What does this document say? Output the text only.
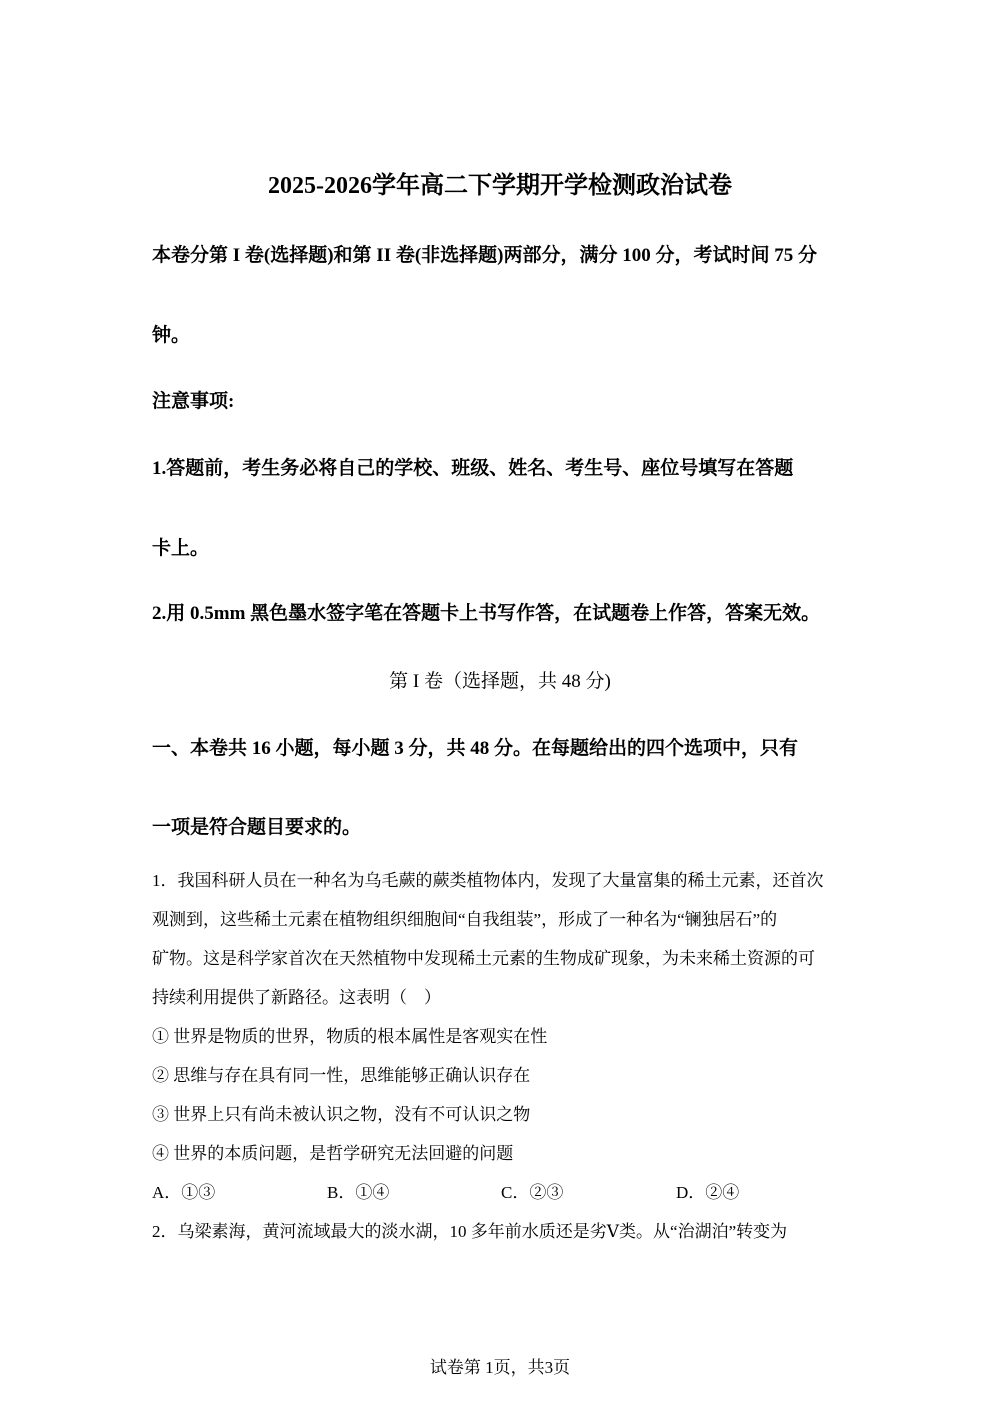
2025-2026学年高二下学期开学检测政治试卷
本卷分第 I 卷(选择题)和第 II 卷(非选择题)两部分，满分 100 分，考试时间 75 分
钟。
注意事项:
1.答题前，考生务必将自己的学校、班级、姓名、考生号、座位号填写在答题
卡上。
2.用 0.5mm 黑色墨水签字笔在答题卡上书写作答，在试题卷上作答，答案无效。
第 I 卷（选择题，共 48 分)
一、本卷共 16 小题，每小题 3 分，共 48 分。在每题给出的四个选项中，只有
一项是符合题目要求的。
1．我国科研人员在一种名为乌毛蕨的蕨类植物体内，发现了大量富集的稀土元素，还首次
观测到，这些稀土元素在植物组织细胞间“自我组装”，形成了一种名为“镧独居石”的
矿物。这是科学家首次在天然植物中发现稀土元素的生物成矿现象，为未来稀土资源的可
持续利用提供了新路径。这表明（　）
① 世界是物质的世界，物质的根本属性是客观实在性
② 思维与存在具有同一性，思维能够正确认识存在
③ 世界上只有尚未被认识之物，没有不可认识之物
④ 世界的本质问题，是哲学研究无法回避的问题
A．①③	B．①④	C．②③	D．②④
2．乌梁素海，黄河流域最大的淡水湖，10 多年前水质还是劣Ⅴ类。从“治湖泊”转变为
试卷第 1页，共3页
